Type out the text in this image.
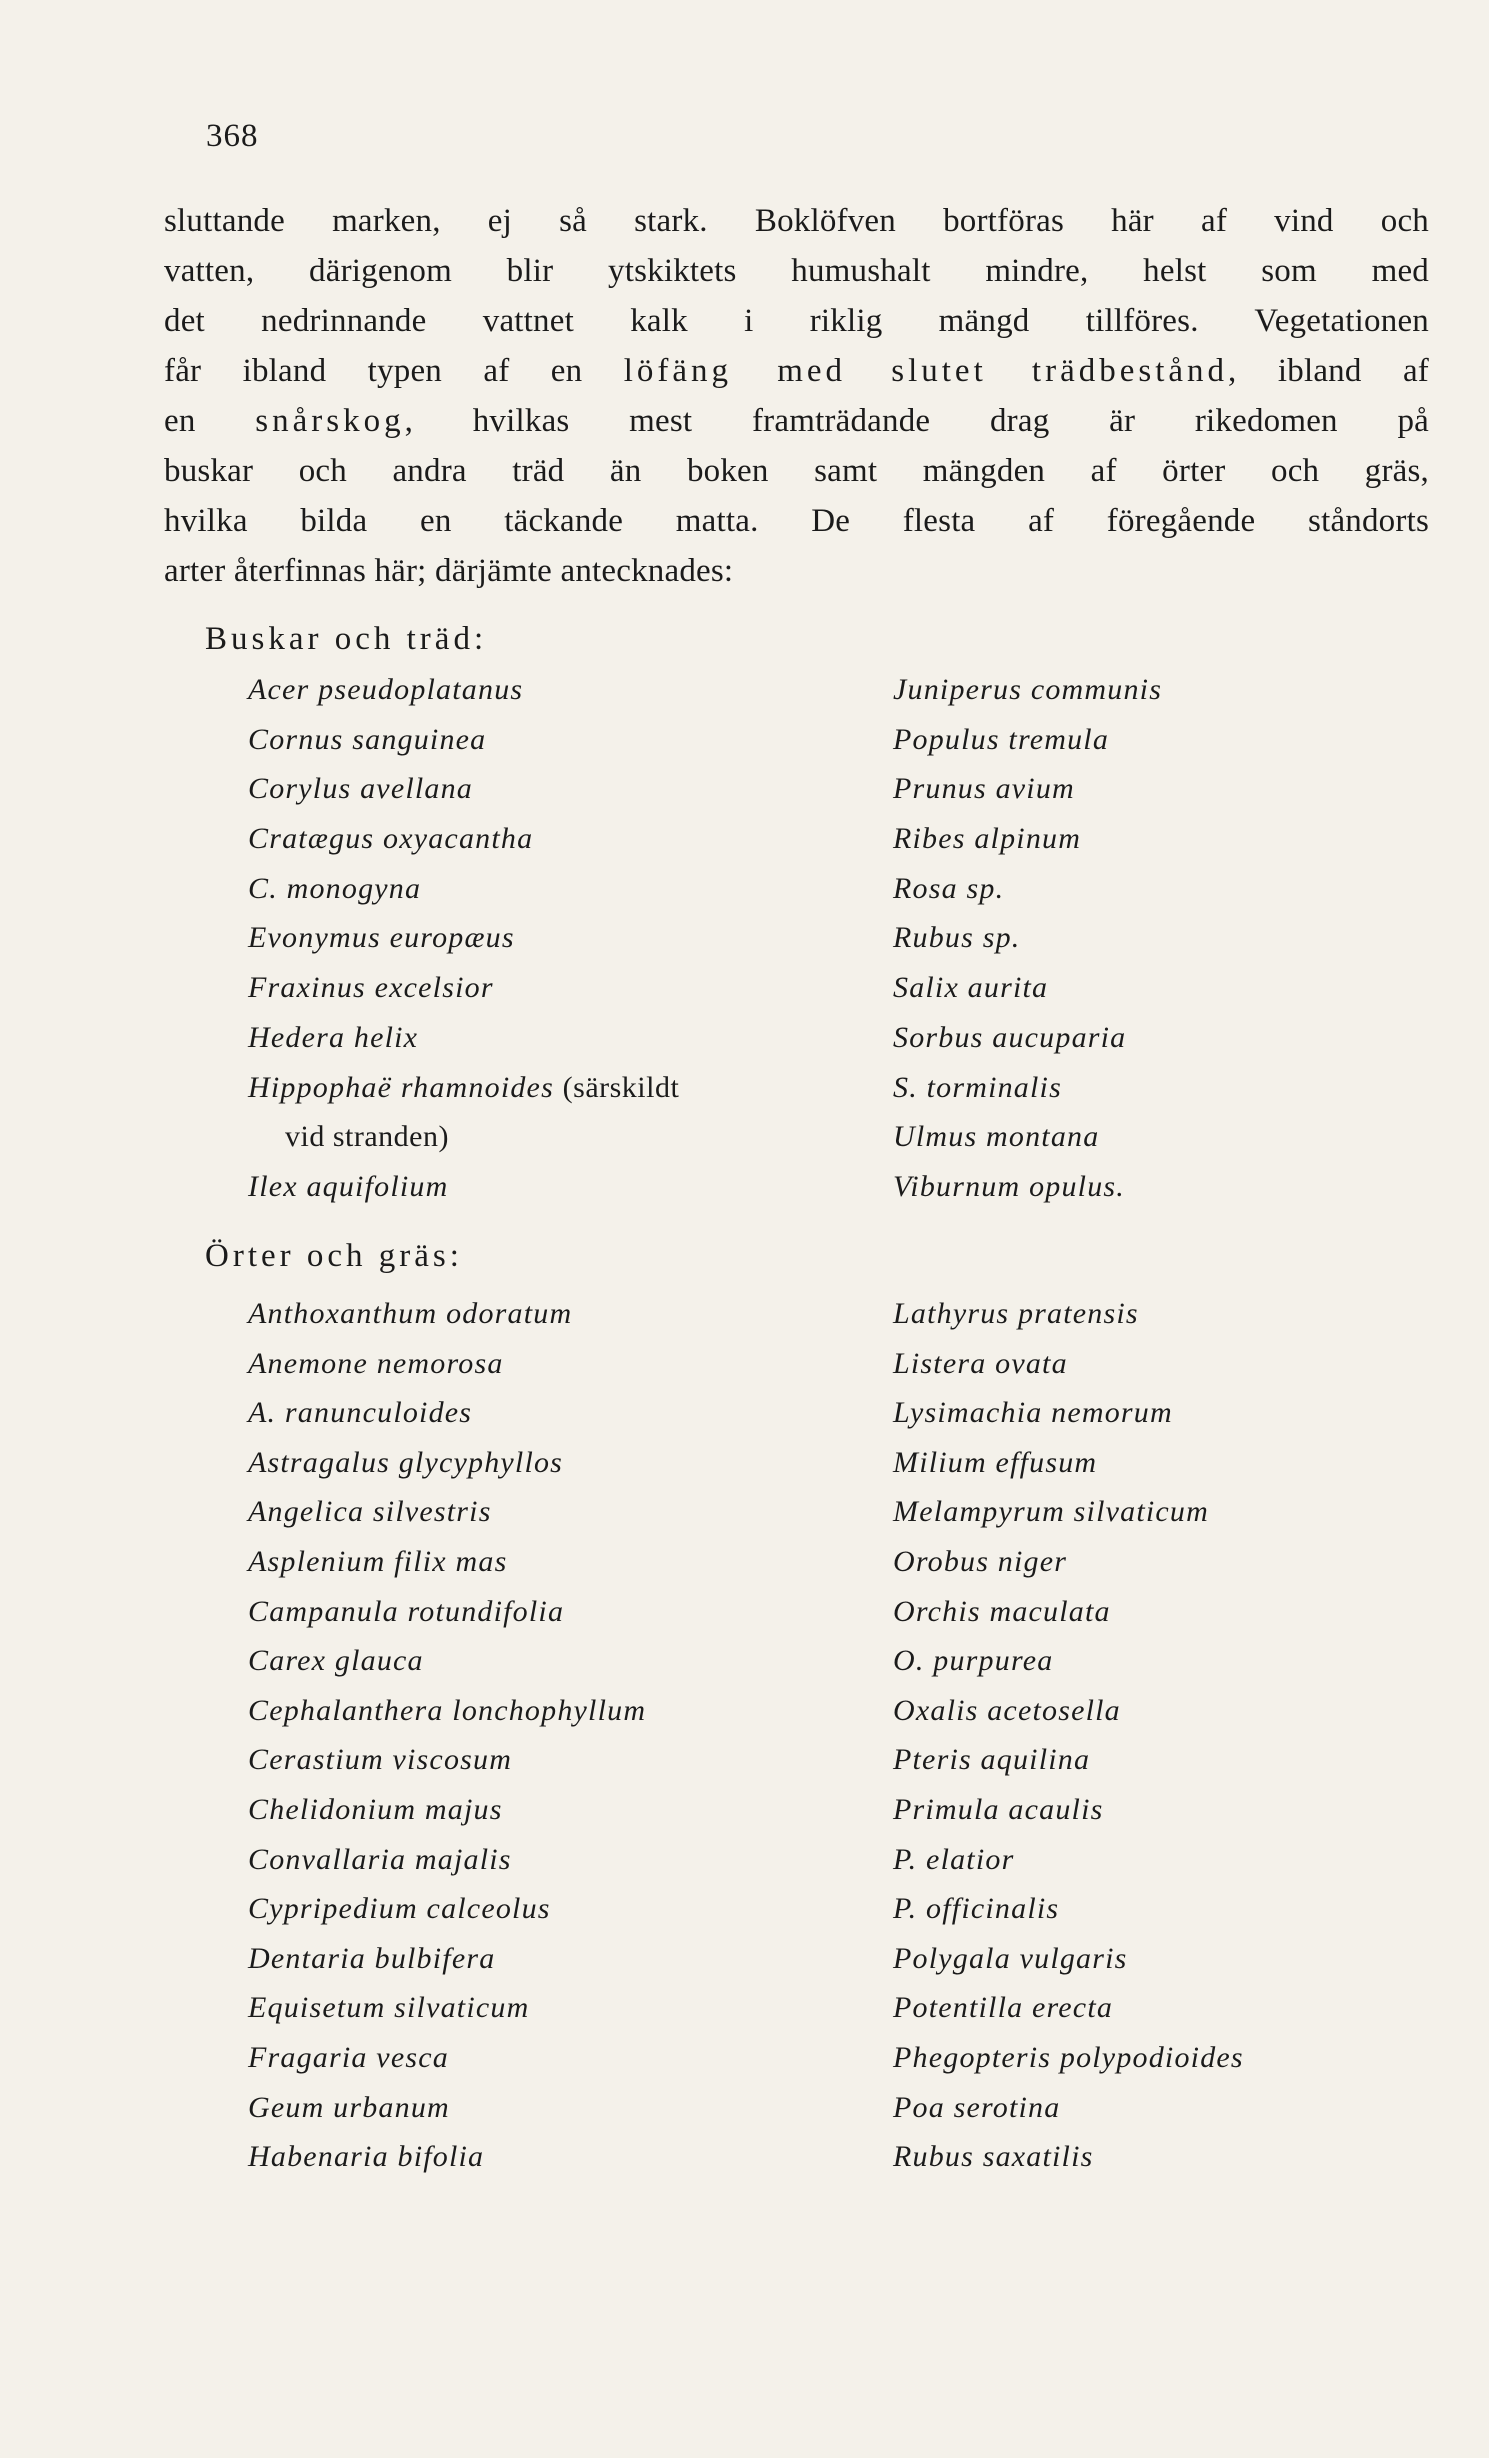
368
sluttande marken, ej så stark. Boklöfven bortföras här af vind och
vatten, därigenom blir ytskiktets humushalt mindre, helst som med
det nedrinnande vattnet kalk i riklig mängd tillföres. Vegetationen
får ibland typen af en löfäng med slutet trädbestånd, ibland af
en snårskog, hvilkas mest framträdande drag är rikedomen på
buskar och andra träd än boken samt mängden af örter och gräs,
hvilka bilda en täckande matta. De flesta af föregående ståndorts
arter återfinnas här; därjämte antecknades:
Buskar och träd:
Acer pseudoplatanus
Cornus sanguinea
Corylus avellana
Cratægus oxyacantha
C. monogyna
Evonymus europæus
Fraxinus excelsior
Hedera helix
Hippophaë rhamnoides (särskildt
vid stranden)
Ilex aquifolium
Juniperus communis
Populus tremula
Prunus avium
Ribes alpinum
Rosa sp.
Rubus sp.
Salix aurita
Sorbus aucuparia
S. torminalis
Ulmus montana
Viburnum opulus.
Örter och gräs:
Anthoxanthum odoratum
Anemone nemorosa
A. ranunculoides
Astragalus glycyphyllos
Angelica silvestris
Asplenium filix mas
Campanula rotundifolia
Carex glauca
Cephalanthera lonchophyllum
Cerastium viscosum
Chelidonium majus
Convallaria majalis
Cypripedium calceolus
Dentaria bulbifera
Equisetum silvaticum
Fragaria vesca
Geum urbanum
Habenaria bifolia
Lathyrus pratensis
Listera ovata
Lysimachia nemorum
Milium effusum
Melampyrum silvaticum
Orobus niger
Orchis maculata
O. purpurea
Oxalis acetosella
Pteris aquilina
Primula acaulis
P. elatior
P. officinalis
Polygala vulgaris
Potentilla erecta
Phegopteris polypodioides
Poa serotina
Rubus saxatilis
